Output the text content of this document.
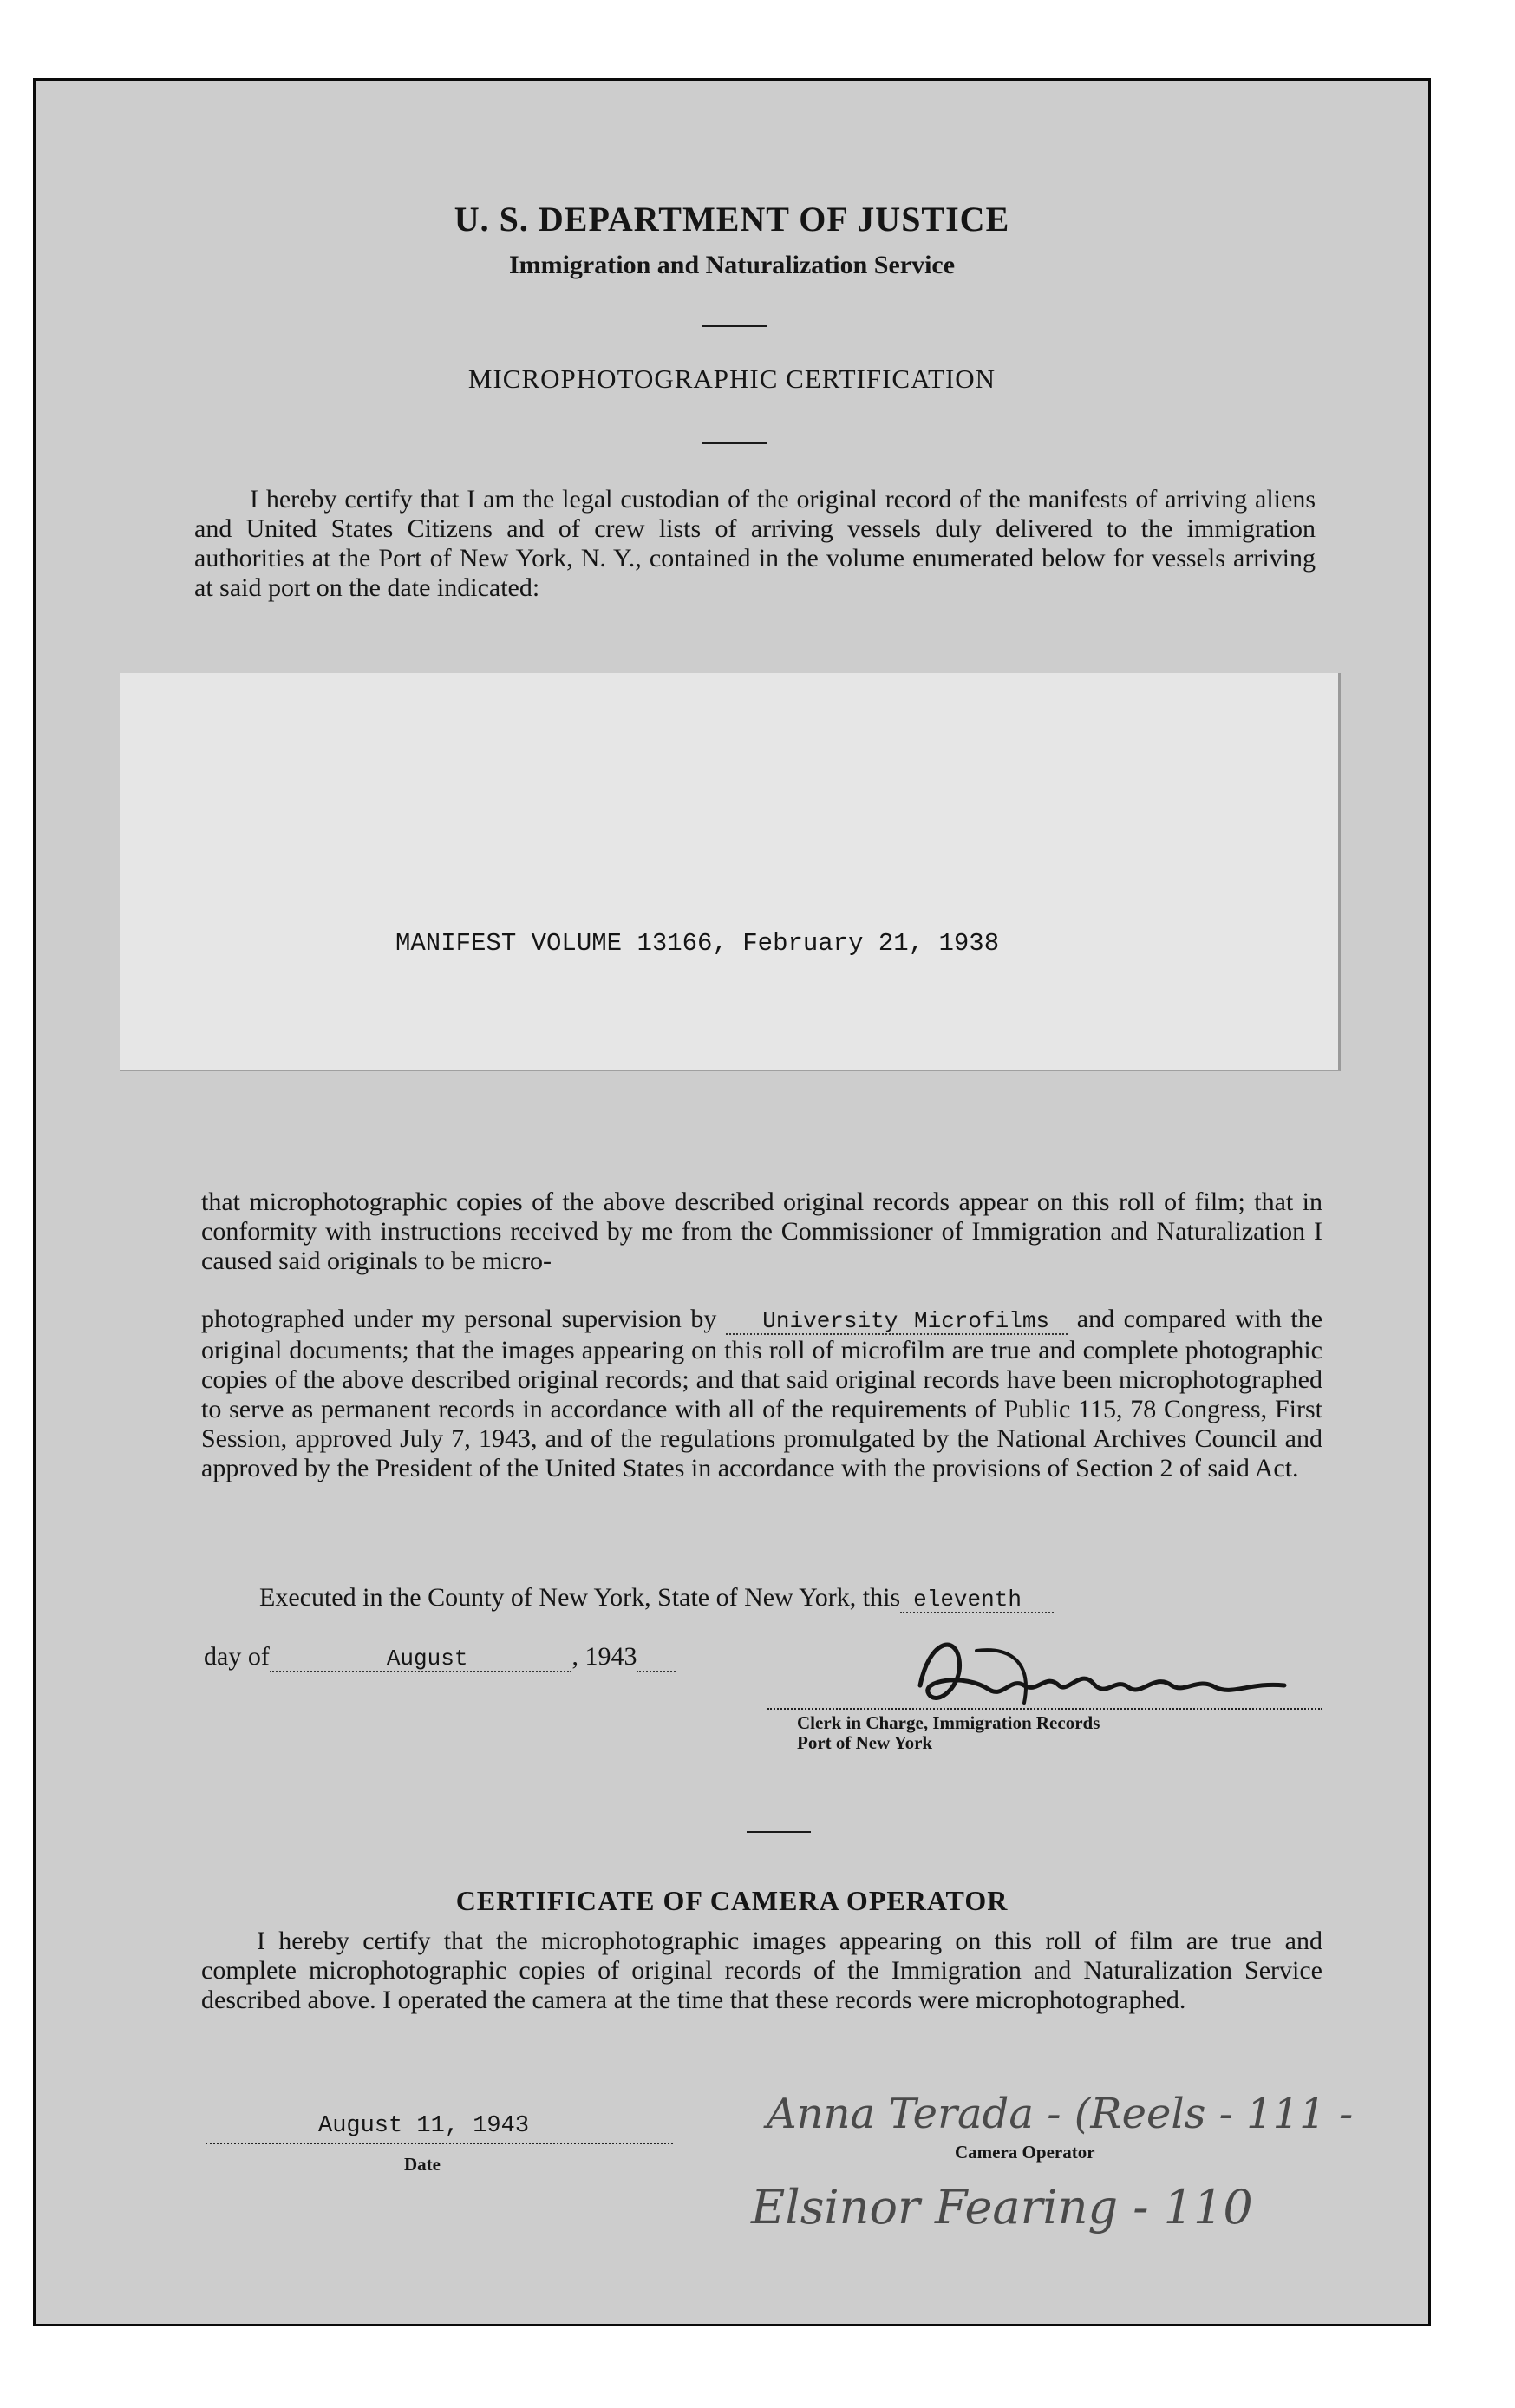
U. S. DEPARTMENT OF JUSTICE
Immigration and Naturalization Service
MICROPHOTOGRAPHIC CERTIFICATION
I hereby certify that I am the legal custodian of the original record of the manifests of arriving aliens and United States Citizens and of crew lists of arriving vessels duly delivered to the immigration authorities at the Port of New York, N. Y., contained in the volume enumerated below for vessels arriving at said port on the date indicated:
MANIFEST VOLUME 13166, February 21, 1938
that microphotographic copies of the above described original records appear on this roll of film; that in conformity with instructions received by me from the Commissioner of Immigration and Naturalization I caused said originals to be micro-
photographed under my personal supervision by University Microfilms and compared with the original documents; that the images appearing on this roll of microfilm are true and complete photographic copies of the above described original records; and that said original records have been microphotographed to serve as permanent records in accordance with all of the requirements of Public 115, 78 Congress, First Session, approved July 7, 1943, and of the regulations promulgated by the National Archives Council and approved by the President of the United States in accordance with the provisions of Section 2 of said Act.
Executed in the County of New York, State of New York, this eleventh
day of	August	, 1943
Clerk in Charge, Immigration Records
Port of New York
CERTIFICATE OF CAMERA OPERATOR
I hereby certify that the microphotographic images appearing on this roll of film are true and complete microphotographic copies of original records of the Immigration and Naturalization Service described above. I operated the camera at the time that these records were microphotographed.
August 11, 1943
Date
Anna Terada - (Reels - 111 -
Camera Operator
Elsinor Fearing - 110
